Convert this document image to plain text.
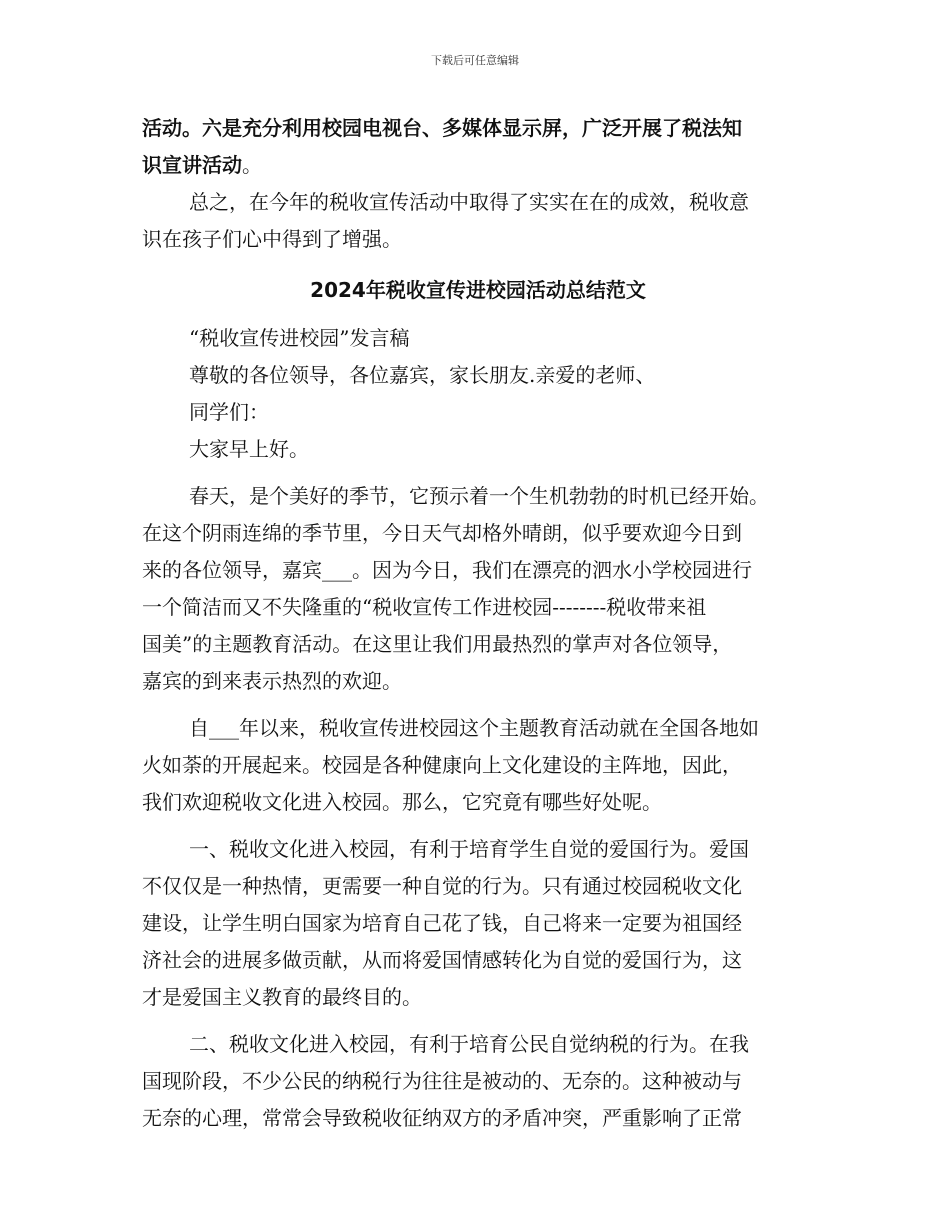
下载后可任意编辑

活动。六是充分利用校园电视台、多媒体显示屏，广泛开展了税法知

识宣讲活动。

总之，在今年的税收宣传活动中取得了实实在在的成效，税收意

识在孩子们心中得到了增强。

2024年税收宣传进校园活动总结范文

“税收宣传进校园”发言稿

尊敬的各位领导，各位嘉宾，家长朋友.亲爱的老师、

同学们：

大家早上好。

春天，是个美好的季节，它预示着一个生机勃勃的时机已经开始。

在这个阴雨连绵的季节里，今日天气却格外晴朗，似乎要欢迎今日到

来的各位领导，嘉宾___。因为今日，我们在漂亮的泗水小学校园进行

一个简洁而又不失隆重的“税收宣传工作进校园--------税收带来祖

国美”的主题教育活动。在这里让我们用最热烈的掌声对各位领导，

嘉宾的到来表示热烈的欢迎。

自___年以来，税收宣传进校园这个主题教育活动就在全国各地如

火如荼的开展起来。校园是各种健康向上文化建设的主阵地，因此，

我们欢迎税收文化进入校园。那么，它究竟有哪些好处呢。

一、税收文化进入校园，有利于培育学生自觉的爱国行为。爱国

不仅仅是一种热情，更需要一种自觉的行为。只有通过校园税收文化

建设，让学生明白国家为培育自己花了钱，自己将来一定要为祖国经

济社会的进展多做贡献，从而将爱国情感转化为自觉的爱国行为，这

才是爱国主义教育的最终目的。

二、税收文化进入校园，有利于培育公民自觉纳税的行为。在我

国现阶段，不少公民的纳税行为往往是被动的、无奈的。这种被动与

无奈的心理，常常会导致税收征纳双方的矛盾冲突，严重影响了正常
